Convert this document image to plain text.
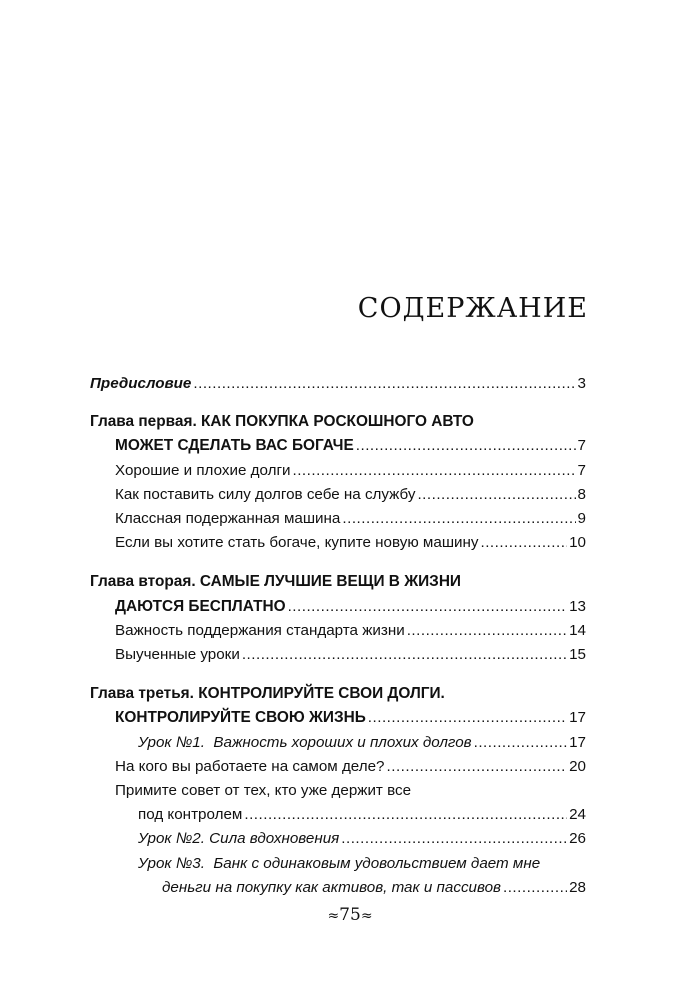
СОДЕРЖАНИЕ
Предисловие .....	3
Глава первая. КАК ПОКУПКА РОСКОШНОГО АВТО
МОЖЕТ СДЕЛАТЬ ВАС БОГАЧЕ .....	7
Хорошие и плохие долги .....	7
Как поставить силу долгов себе на службу .....	8
Классная подержанная машина .....	9
Если вы хотите стать богаче, купите новую машину .....	10
Глава вторая. САМЫЕ ЛУЧШИЕ ВЕЩИ В ЖИЗНИ
ДАЮТСЯ БЕСПЛАТНО .....	13
Важность поддержания стандарта жизни .....	14
Выученные уроки .....	15
Глава третья. КОНТРОЛИРУЙТЕ СВОИ ДОЛГИ.
КОНТРОЛИРУЙТЕ СВОЮ ЖИЗНЬ .....	17
Урок №1.  Важность хороших и плохих долгов .....	17
На кого вы работаете на самом деле? .....	20
Примите совет от тех, кто уже держит все
под контролем .....	24
Урок №2. Сила вдохновения .....	26
Урок №3.  Банк с одинаковым удовольствием дает мне
деньги на покупку как активов, так и пассивов .....	28
≈75≈
